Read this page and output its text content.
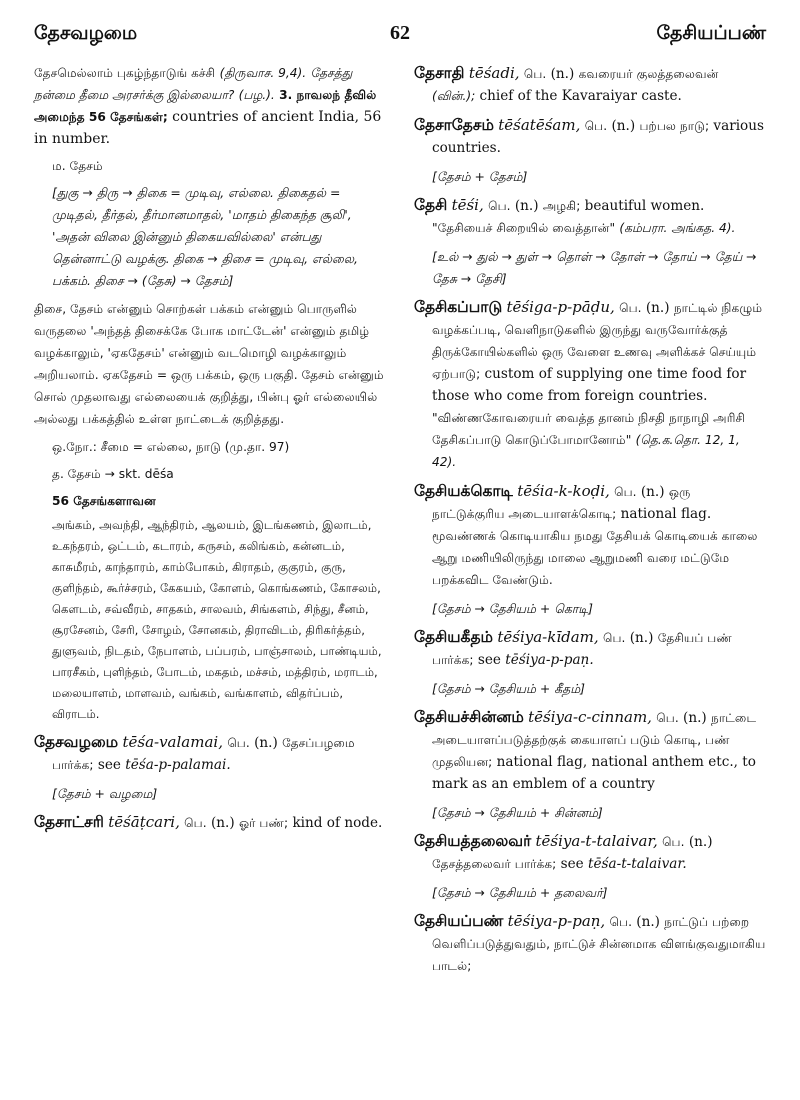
தேசவழமை	62	தேசியப்பண்
தேசமெல்லாம் புகழ்ந்தாடுங் கச்சி (திருவாச. 9,4). தேசத்து நன்மை தீமை அரசர்க்கு இல்லையா? (பழ.). 3. நாவலந் தீவில் அமைந்த 56 தேசங்கள்; countries of ancient India, 56 in number.
ம. தேசம்
[துகு → திரு → திகை = முடிவு, எல்லை. திகைதல் = முடிதல், தீர்தல், தீர்மானமாதல், 'மாதம் திகைந்த சூலி', 'அதன் விலை இன்னும் திகையவில்லை' என்பது தென்னாட்டு வழக்கு. திகை → திசை = முடிவு, எல்லை, பக்கம். திசை → (தேசு) → தேசம்]
திசை, தேசம் என்னும் சொற்கள் பக்கம் என்னும் பொருளில் வருதலை 'அந்தத் திசைக்கே போக மாட்டேன்' என்னும் தமிழ் வழக்காலும், 'ஏகதேசம்' என்னும் வடமொழி வழக்காலும் அறியலாம். ஏகதேசம் = ஒரு பக்கம், ஒரு பகுதி. தேசம் என்னும் சொல் முதலாவது எல்லையைக் குறித்து, பின்பு ஓர் எல்லையில் அல்லது பக்கத்தில் உள்ள நாட்டைக் குறித்தது.
ஒ.நோ.: சீமை = எல்லை, நாடு (மு.தா. 97)
த. தேசம் → skt. dēśa
56 தேசங்களாவன
அங்கம், அவந்தி, ஆந்திரம், ஆலயம், இடங்கணம், இலாடம், உகந்தரம், ஒட்டம், கடாரம், கருசம், கலிங்கம், கன்னடம், காசுமீரம், காந்தாரம், காம்போகம், கிராதம், குகுரம், குரு, குளிந்தம், கூர்ச்சரம், கேகயம், கோளம், கொங்கணம், கோசலம், கௌடம், சவ்வீரம், சாதகம், சாலவம், சிங்களம், சிந்து, சீனம், சூரசேனம், சேரி, சோழம், சோனகம், திராவிடம், திரிகர்த்தம், துளுவம், நிடதம், நேபாளம், பப்பரம், பாஞ்சாலம், பாண்டியம், பாரசீகம், புளிந்தம், போடம், மகதம், மச்சம், மத்திரம், மராடம், மலையாளம், மாளவம், வங்கம், வங்காளம், விதர்ப்பம், விராடம்.
தேசவழமை tēśa-valamai, பெ. (n.) தேசப்பழமை பார்க்க; see tēśa-p-palamai.
[தேசம் + வழமை]
தேசாட்சரி tēśāṭcari, பெ. (n.) ஓர் பண்; kind of node.
தேசாதி tēśadi, பெ. (n.) கவரையர் குலத்தலைவன் (வின்.); chief of the Kavaraiyar caste.
தேசாதேசம் tēśatēśam, பெ. (n.) பற்பல நாடு; various countries.
[தேசம் + தேசம்]
தேசி tēśi, பெ. (n.) அழகி; beautiful women. "தேசியைச் சிறையில் வைத்தான்" (கம்பரா. அங்கத. 4).
[உல் → துல் → துள் → தொள் → தோள் → தோய் → தேய் → தேசு → தேசி]
தேசிகப்பாடு tēśiga-p-pāḍu, பெ. (n.) நாட்டில் நிகழும் வழக்கப்படி, வெளிநாடுகளில் இருந்து வருவோர்க்குத் திருக்கோயில்களில் ஒரு வேளை உணவு அளிக்கச் செய்யும் ஏற்பாடு; custom of supplying one time food for those who come from foreign countries. "விண்ணகோவரையர் வைத்த தானம் நிசதி நாநாழி அரிசி தேசிகப்பாடு கொடுப்போமானோம்" (தெ.க.தொ. 12, 1, 42).
தேசியக்கொடி tēśia-k-koḍi, பெ. (n.) ஒரு நாட்டுக்குரிய அடையாளக்கொடி; national flag. மூவண்ணக் கொடியாகிய நமது தேசியக் கொடியைக் காலை ஆறு மணியிலிருந்து மாலை ஆறுமணி வரை மட்டுமே பறக்கவிட வேண்டும்.
[தேசம் → தேசியம் + கொடி]
தேசியகீதம் tēśiya-kīdam, பெ. (n.) தேசியப் பண் பார்க்க; see tēśiya-p-paṇ.
[தேசம் → தேசியம் + கீதம்]
தேசியச்சின்னம் tēśiya-c-cinnam, பெ. (n.) நாட்டை அடையாளப்படுத்தற்குக் கையாளப் படும் கொடி, பண் முதலியன; national flag, national anthem etc., to mark as an emblem of a country
[தேசம் → தேசியம் + சின்னம்]
தேசியத்தலைவர் tēśiya-t-talaivar, பெ. (n.) தேசத்தலைவர் பார்க்க; see tēśa-t-talaivar.
[தேசம் → தேசியம் + தலைவர்]
தேசியப்பண் tēśiya-p-paṇ, பெ. (n.) நாட்டுப் பற்றை வெளிப்படுத்துவதும், நாட்டுச் சின்னமாக விளங்குவதுமாகிய பாடல்;
